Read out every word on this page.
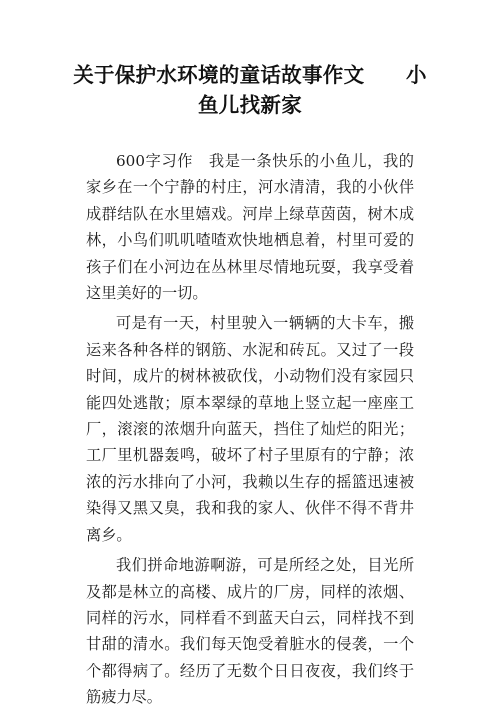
关于保护水环境的童话故事作文　　小
鱼儿找新家

600字习作　我是一条快乐的小鱼儿，我的家乡在一个宁静的村庄，河水清清，我的小伙伴成群结队在水里嬉戏。河岸上绿草茵茵，树木成林，小鸟们叽叽喳喳欢快地栖息着，村里可爱的孩子们在小河边在丛林里尽情地玩耍，我享受着这里美好的一切。

可是有一天，村里驶入一辆辆的大卡车，搬运来各种各样的钢筋、水泥和砖瓦。又过了一段时间，成片的树林被砍伐，小动物们没有家园只能四处逃散；原本翠绿的草地上竖立起一座座工厂，滚滚的浓烟升向蓝天，挡住了灿烂的阳光；工厂里机器轰鸣，破坏了村子里原有的宁静；浓浓的污水排向了小河，我赖以生存的摇篮迅速被染得又黑又臭，我和我的家人、伙伴不得不背井离乡。

我们拼命地游啊游，可是所经之处，目光所及都是林立的高楼、成片的厂房，同样的浓烟、同样的污水，同样看不到蓝天白云，同样找不到甘甜的清水。我们每天饱受着脏水的侵袭，一个个都得病了。经历了无数个日日夜夜，我们终于筋疲力尽。
